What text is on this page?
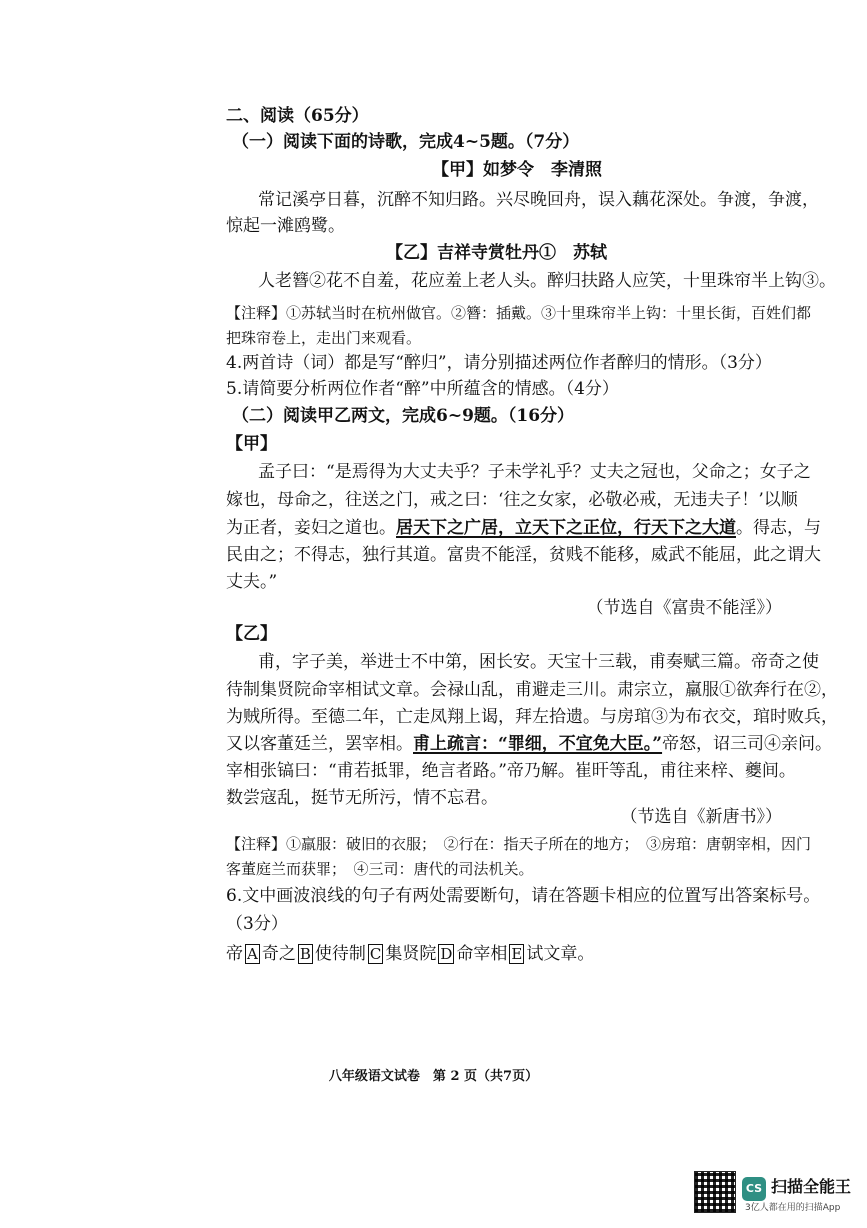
二、阅读（65分）
（一）阅读下面的诗歌，完成4~5题。（7分）
【甲】如梦令　李清照
常记溪亭日暮，沉醉不知归路。兴尽晚回舟，误入藕花深处。争渡，争渡，
惊起一滩鸥鹭。
【乙】吉祥寺赏牡丹①　苏轼
人老簪②花不自羞，花应羞上老人头。醉归扶路人应笑，十里珠帘半上钩③。
【注释】①苏轼当时在杭州做官。②簪：插戴。③十里珠帘半上钩：十里长街，百姓们都
把珠帘卷上，走出门来观看。
4.两首诗（词）都是写“醉归”，请分别描述两位作者醉归的情形。（3分）
5.请简要分析两位作者“醉”中所蕴含的情感。（4分）
（二）阅读甲乙两文，完成6~9题。（16分）
【甲】
孟子曰：“是焉得为大丈夫乎？子未学礼乎？丈夫之冠也，父命之；女子之
嫁也，母命之，往送之门，戒之曰：‘往之女家，必敬必戒，无违夫子！’以顺
为正者，妾妇之道也。居天下之广居，立天下之正位，行天下之大道。得志，与
民由之；不得志，独行其道。富贵不能淫，贫贱不能移，威武不能屈，此之谓大
丈夫。”
（节选自《富贵不能淫》）
【乙】
甫，字子美，举进士不中第，困长安。天宝十三载，甫奏赋三篇。帝奇之使
待制集贤院命宰相试文章。会禄山乱，甫避走三川。肃宗立，羸服①欲奔行在②，
为贼所得。至德二年，亡走凤翔上谒，拜左拾遗。与房琯③为布衣交，琯时败兵，
又以客董廷兰，罢宰相。甫上疏言：“罪细，不宜免大臣。”帝怒，诏三司④亲问。
宰相张镐曰：“甫若抵罪，绝言者路。”帝乃解。崔旰等乱，甫往来梓、夔间。
数尝寇乱，挺节无所污，情不忘君。
（节选自《新唐书》）
【注释】①羸服：破旧的衣服；　②行在：指天子所在的地方；　③房琯：唐朝宰相，因门
客董庭兰而获罪；　④三司：唐代的司法机关。
6.文中画波浪线的句子有两处需要断句，请在答题卡相应的位置写出答案标号。
（3分）
帝 A 奇之 B 使待制 C 集贤院 D 命宰相 E 试文章。
八年级语文试卷　第 2 页（共7页）
CS 扫描全能王
3亿人都在用的扫描App
